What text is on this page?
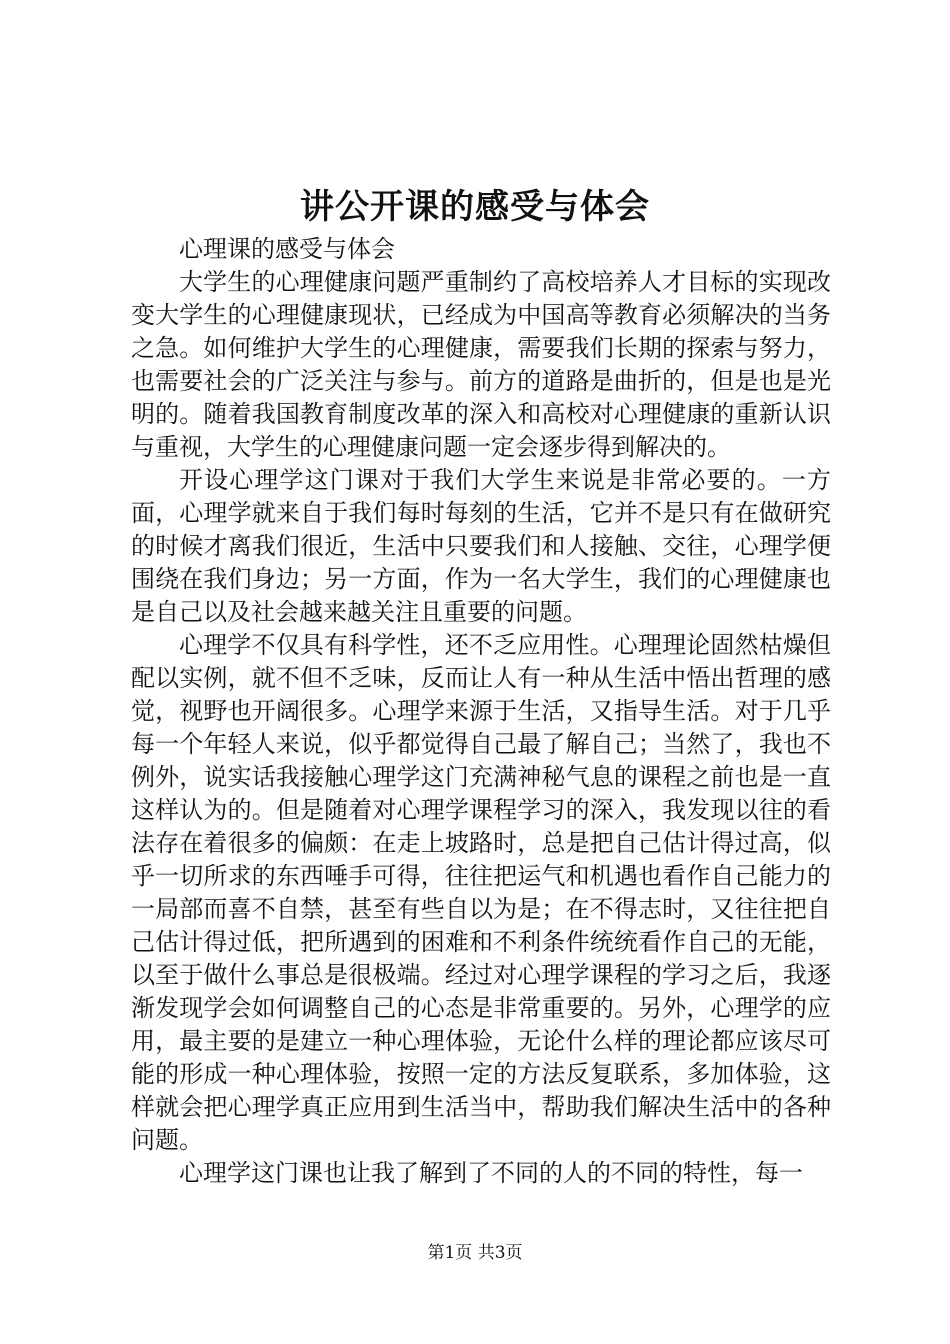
讲公开课的感受与体会

心理课的感受与体会

大学生的心理健康问题严重制约了高校培养人才目标的实现改变大学生的心理健康现状，已经成为中国高等教育必须解决的当务之急。如何维护大学生的心理健康，需要我们长期的探索与努力，也需要社会的广泛关注与参与。前方的道路是曲折的，但是也是光明的。随着我国教育制度改革的深入和高校对心理健康的重新认识与重视，大学生的心理健康问题一定会逐步得到解决的。

开设心理学这门课对于我们大学生来说是非常必要的。一方面，心理学就来自于我们每时每刻的生活，它并不是只有在做研究的时候才离我们很近，生活中只要我们和人接触、交往，心理学便围绕在我们身边；另一方面，作为一名大学生，我们的心理健康也是自己以及社会越来越关注且重要的问题。

心理学不仅具有科学性，还不乏应用性。心理理论固然枯燥但配以实例，就不但不乏味，反而让人有一种从生活中悟出哲理的感觉，视野也开阔很多。心理学来源于生活，又指导生活。对于几乎每一个年轻人来说，似乎都觉得自己最了解自己；当然了，我也不例外，说实话我接触心理学这门充满神秘气息的课程之前也是一直这样认为的。但是随着对心理学课程学习的深入，我发现以往的看法存在着很多的偏颇：在走上坡路时，总是把自己估计得过高，似乎一切所求的东西唾手可得，往往把运气和机遇也看作自己能力的一局部而喜不自禁，甚至有些自以为是；在不得志时，又往往把自己估计得过低，把所遇到的困难和不利条件统统看作自己的无能，以至于做什么事总是很极端。经过对心理学课程的学习之后，我逐渐发现学会如何调整自己的心态是非常重要的。另外，心理学的应用，最主要的是建立一种心理体验，无论什么样的理论都应该尽可能的形成一种心理体验，按照一定的方法反复联系，多加体验，这样就会把心理学真正应用到生活当中，帮助我们解决生活中的各种问题。

心理学这门课也让我了解到了不同的人的不同的特性，每一

第1页 共3页
